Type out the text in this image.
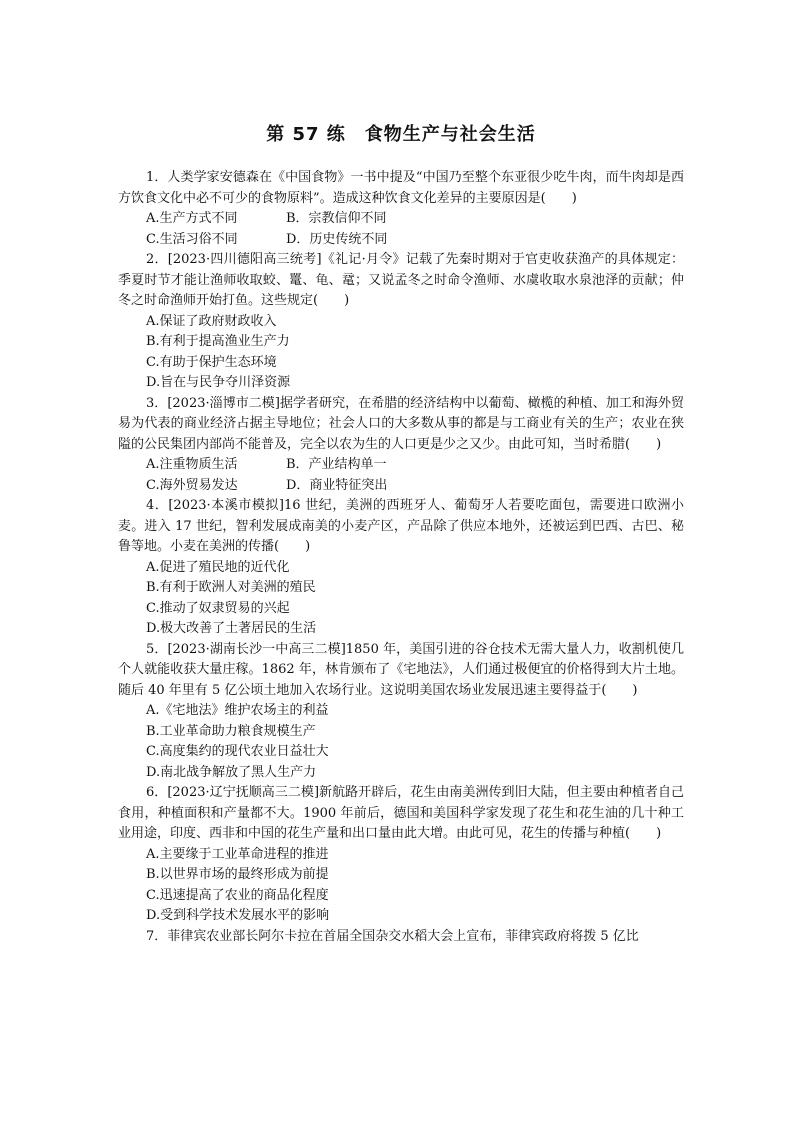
第 57 练　食物生产与社会生活

1．人类学家安德森在《中国食物》一书中提及“中国乃至整个东亚很少吃牛肉，而牛肉却是西方饮食文化中必不可少的食物原料”。造成这种饮食文化差异的主要原因是(　　)

A.生产方式不同	B．宗教信仰不同
C.生活习俗不同	D．历史传统不同

2．[2023·四川德阳高三统考]《礼记·月令》记载了先秦时期对于官吏收获渔产的具体规定：季夏时节才能让渔师收取蛟、鼍、龟、鼋；又说孟冬之时命令渔师、水虞收取水泉池泽的贡献；仲冬之时命渔师开始打鱼。这些规定(　　)

A.保证了政府财政收入

B.有利于提高渔业生产力

C.有助于保护生态环境

D.旨在与民争夺川泽资源

3．[2023·淄博市二模]据学者研究，在希腊的经济结构中以葡萄、橄榄的种植、加工和海外贸易为代表的商业经济占据主导地位；社会人口的大多数从事的都是与工商业有关的生产；农业在狭隘的公民集团内部尚不能普及，完全以农为生的人口更是少之又少。由此可知，当时希腊(　　)

A.注重物质生活	B．产业结构单一
C.海外贸易发达	D．商业特征突出

4．[2023·本溪市模拟]16 世纪，美洲的西班牙人、葡萄牙人若要吃面包，需要进口欧洲小麦。进入 17 世纪，智利发展成南美的小麦产区，产品除了供应本地外，还被运到巴西、古巴、秘鲁等地。小麦在美洲的传播(　　)

A.促进了殖民地的近代化

B.有利于欧洲人对美洲的殖民

C.推动了奴隶贸易的兴起

D.极大改善了土著居民的生活

5．[2023·湖南长沙一中高三二模]1850 年，美国引进的谷仓技术无需大量人力，收割机使几个人就能收获大量庄稼。1862 年，林肯颁布了《宅地法》，人们通过极便宜的价格得到大片土地。随后 40 年里有 5 亿公顷土地加入农场行业。这说明美国农场业发展迅速主要得益于(　　)

A.《宅地法》维护农场主的利益

B.工业革命助力粮食规模生产

C.高度集约的现代农业日益壮大

D.南北战争解放了黑人生产力

6．[2023·辽宁抚顺高三二模]新航路开辟后，花生由南美洲传到旧大陆，但主要由种植者自己食用，种植面积和产量都不大。1900 年前后，德国和美国科学家发现了花生和花生油的几十种工业用途，印度、西非和中国的花生产量和出口量由此大增。由此可见，花生的传播与种植(　　)

A.主要缘于工业革命进程的推进

B.以世界市场的最终形成为前提

C.迅速提高了农业的商品化程度

D.受到科学技术发展水平的影响

7．菲律宾农业部长阿尔卡拉在首届全国杂交水稻大会上宣布，菲律宾政府将拨 5 亿比
